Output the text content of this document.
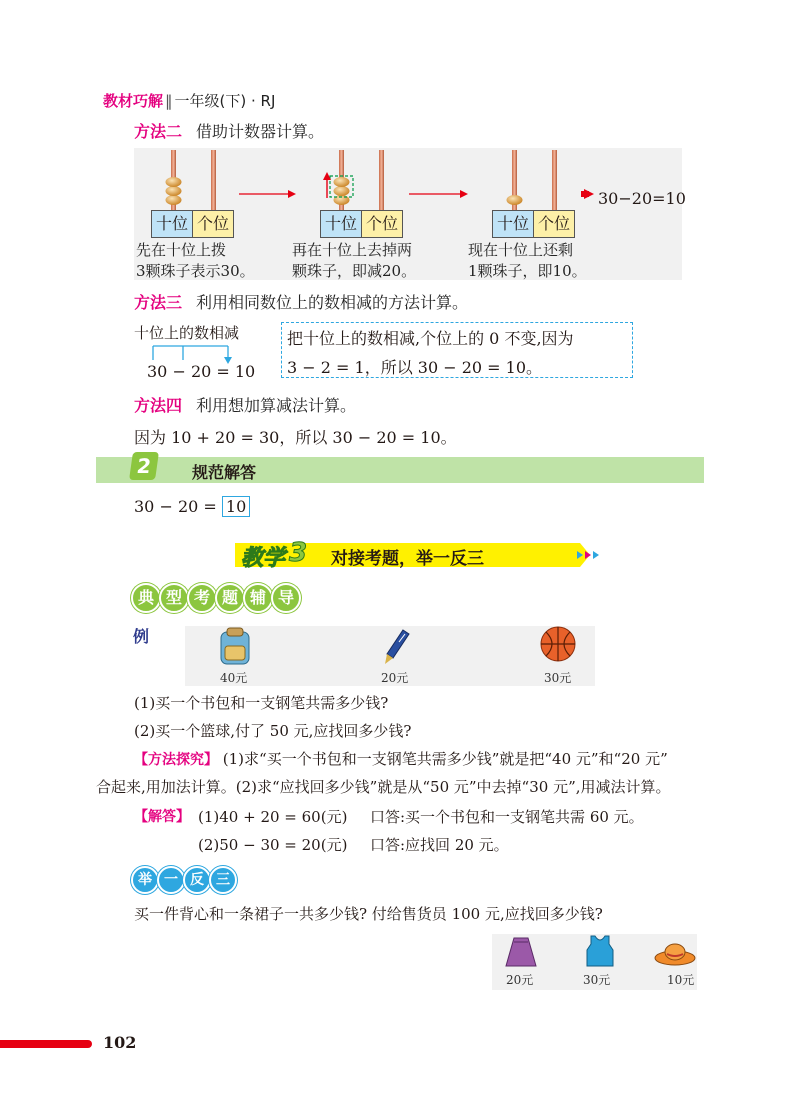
教材巧解 ‖ 一年级(下) · RJ
方法二 借助计数器计算。
十位 个位	十位 个位	十位 个位
30−20=10
先在十位上拨
3颗珠子表示30。
再在十位上去掉两
颗珠子，即减20。
现在十位上还剩
1颗珠子，即10。
方法三 利用相同数位上的数相减的方法计算。
十位上的数相减
30 − 20 = 10
把十位上的数相减,个位上的 0 不变,因为
3 − 2 = 1，所以 30 − 20 = 10。
方法四 利用想加算减法计算。
因为 10 + 20 = 30，所以 30 − 20 = 10。
2	规范解答
30 − 20 = 10
教学 3 对接考题，举一反三
典 型 考 题 辅 导
例
40元	20元	30元
(1)买一个书包和一支钢笔共需多少钱?
(2)买一个篮球,付了 50 元,应找回多少钱?
【方法探究】 (1)求“买一个书包和一支钢笔共需多少钱”就是把“40 元”和“20 元”
合起来,用加法计算。(2)求“应找回多少钱”就是从“50 元”中去掉“30 元”,用减法计算。
【解答】 (1)40 + 20 = 60(元) 口答:买一个书包和一支钢笔共需 60 元。
(2)50 − 30 = 20(元) 口答:应找回 20 元。
举 一 反 三
买一件背心和一条裙子一共多少钱? 付给售货员 100 元,应找回多少钱?
20元	30元	10元
102
